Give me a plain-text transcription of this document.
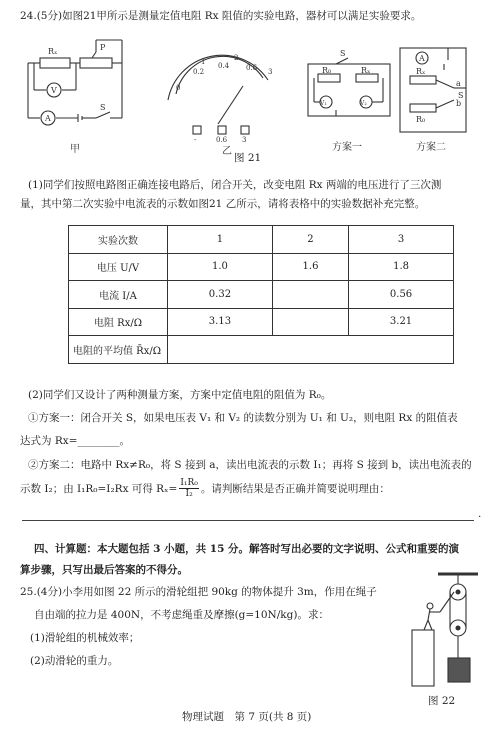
24.(5分)如图21甲所示是测量定值电阻 Rx 阻值的实验电路，器材可以满足实验要求。
Rₓ	P
V
A
S
甲
0
0.2
0.4 0.6
1	2
3
-	0.6 3
乙
S
R₀	Rₓ
V₁	V₂
方案一
A
Rₓ
R₀
a
b
S
方案二
图 21
(1)同学们按照电路图正确连接电路后，闭合开关，改变电阻 Rx 两端的电压进行了三次测
量，其中第二次实验中电流表的示数如图21 乙所示，请将表格中的实验数据补充完整。
实验次数	1	2	3
电压 U/V	1.0	1.6	1.8
电流 I/A	0.32		0.56
电阻 Rx/Ω	3.13		3.21
电阻的平均值 R̄x/Ω			
(2)同学们又设计了两种测量方案，方案中定值电阻的阻值为 R₀。
①方案一：闭合开关 S，如果电压表 V₁ 和 V₂ 的读数分别为 U₁ 和 U₂，则电阻 Rx 的阻值表
达式为 Rx=________。
②方案二：电路中 Rx≠R₀，将 S 接到 a，读出电流表的示数 I₁；再将 S 接到 b，读出电流表的
示数 I₂；由 I₁R₀=I₂Rx 可得 $R_x= \frac{\text{I₁R₀}}{\text{I₂}}$ 。请判断结果是否正确并简要说明理由：
.
四、计算题：本大题包括 3 小题，共 15 分。解答时写出必要的文字说明、公式和重要的演
算步骤，只写出最后答案的不得分。
25.(4分)小李用如图 22 所示的滑轮组把 90kg 的物体提升 3m，作用在绳子
自由端的拉力是 400N，不考虑绳重及摩擦(g=10N/kg)。求：
(1)滑轮组的机械效率；
(2)动滑轮的重力。
图 22
物理试题　第 7 页(共 8 页)
